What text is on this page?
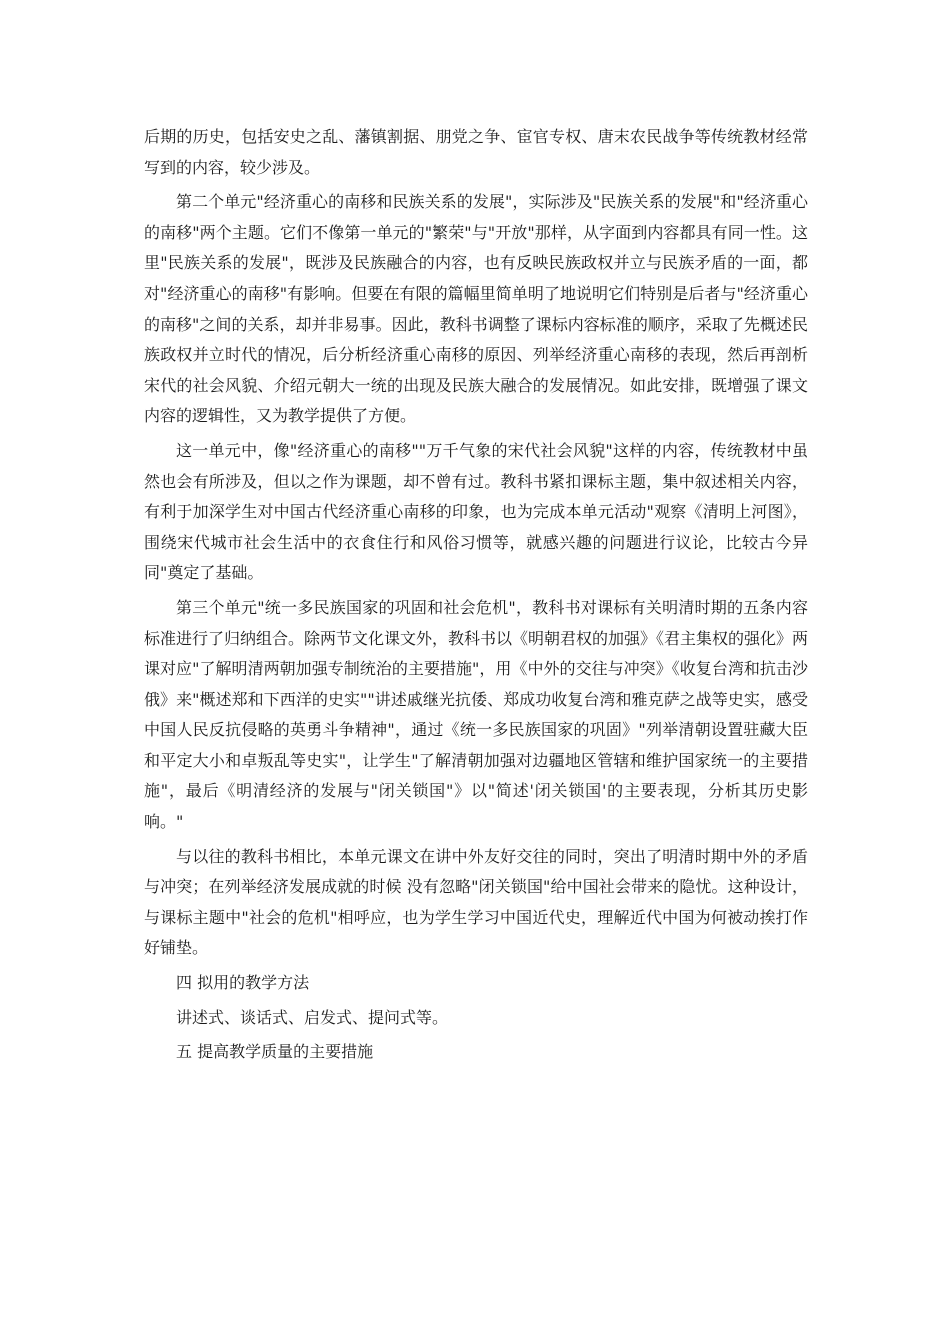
后期的历史，包括安史之乱、藩镇割据、朋党之争、宦官专权、唐末农民战争等传统教材经常写到的内容，较少涉及。

第二个单元"经济重心的南移和民族关系的发展"，实际涉及"民族关系的发展"和"经济重心的南移"两个主题。它们不像第一单元的"繁荣"与"开放"那样，从字面到内容都具有同一性。这里"民族关系的发展"，既涉及民族融合的内容，也有反映民族政权并立与民族矛盾的一面，都对"经济重心的南移"有影响。但要在有限的篇幅里简单明了地说明它们特别是后者与"经济重心的南移"之间的关系，却并非易事。因此，教科书调整了课标内容标准的顺序，采取了先概述民族政权并立时代的情况，后分析经济重心南移的原因、列举经济重心南移的表现，然后再剖析宋代的社会风貌、介绍元朝大一统的出现及民族大融合的发展情况。如此安排，既增强了课文内容的逻辑性，又为教学提供了方便。

这一单元中，像"经济重心的南移""万千气象的宋代社会风貌"这样的内容，传统教材中虽然也会有所涉及，但以之作为课题，却不曾有过。教科书紧扣课标主题，集中叙述相关内容，有利于加深学生对中国古代经济重心南移的印象，也为完成本单元活动"观察《清明上河图》，围绕宋代城市社会生活中的衣食住行和风俗习惯等，就感兴趣的问题进行议论，比较古今异同"奠定了基础。

第三个单元"统一多民族国家的巩固和社会危机"，教科书对课标有关明清时期的五条内容标准进行了归纳组合。除两节文化课文外，教科书以《明朝君权的加强》《君主集权的强化》两课对应"了解明清两朝加强专制统治的主要措施"，用《中外的交往与冲突》《收复台湾和抗击沙俄》来"概述郑和下西洋的史实""讲述戚继光抗倭、郑成功收复台湾和雅克萨之战等史实，感受中国人民反抗侵略的英勇斗争精神"，通过《统一多民族国家的巩固》"列举清朝设置驻藏大臣和平定大小和卓叛乱等史实"，让学生"了解清朝加强对边疆地区管辖和维护国家统一的主要措施"，最后《明清经济的发展与"闭关锁国"》以"简述'闭关锁国'的主要表现，分析其历史影响。"

与以往的教科书相比，本单元课文在讲中外友好交往的同时，突出了明清时期中外的矛盾与冲突；在列举经济发展成就的时候 没有忽略"闭关锁国"给中国社会带来的隐忧。这种设计，与课标主题中"社会的危机"相呼应，也为学生学习中国近代史，理解近代中国为何被动挨打作好铺垫。

四 拟用的教学方法

讲述式、谈话式、启发式、提问式等。

五 提高教学质量的主要措施
